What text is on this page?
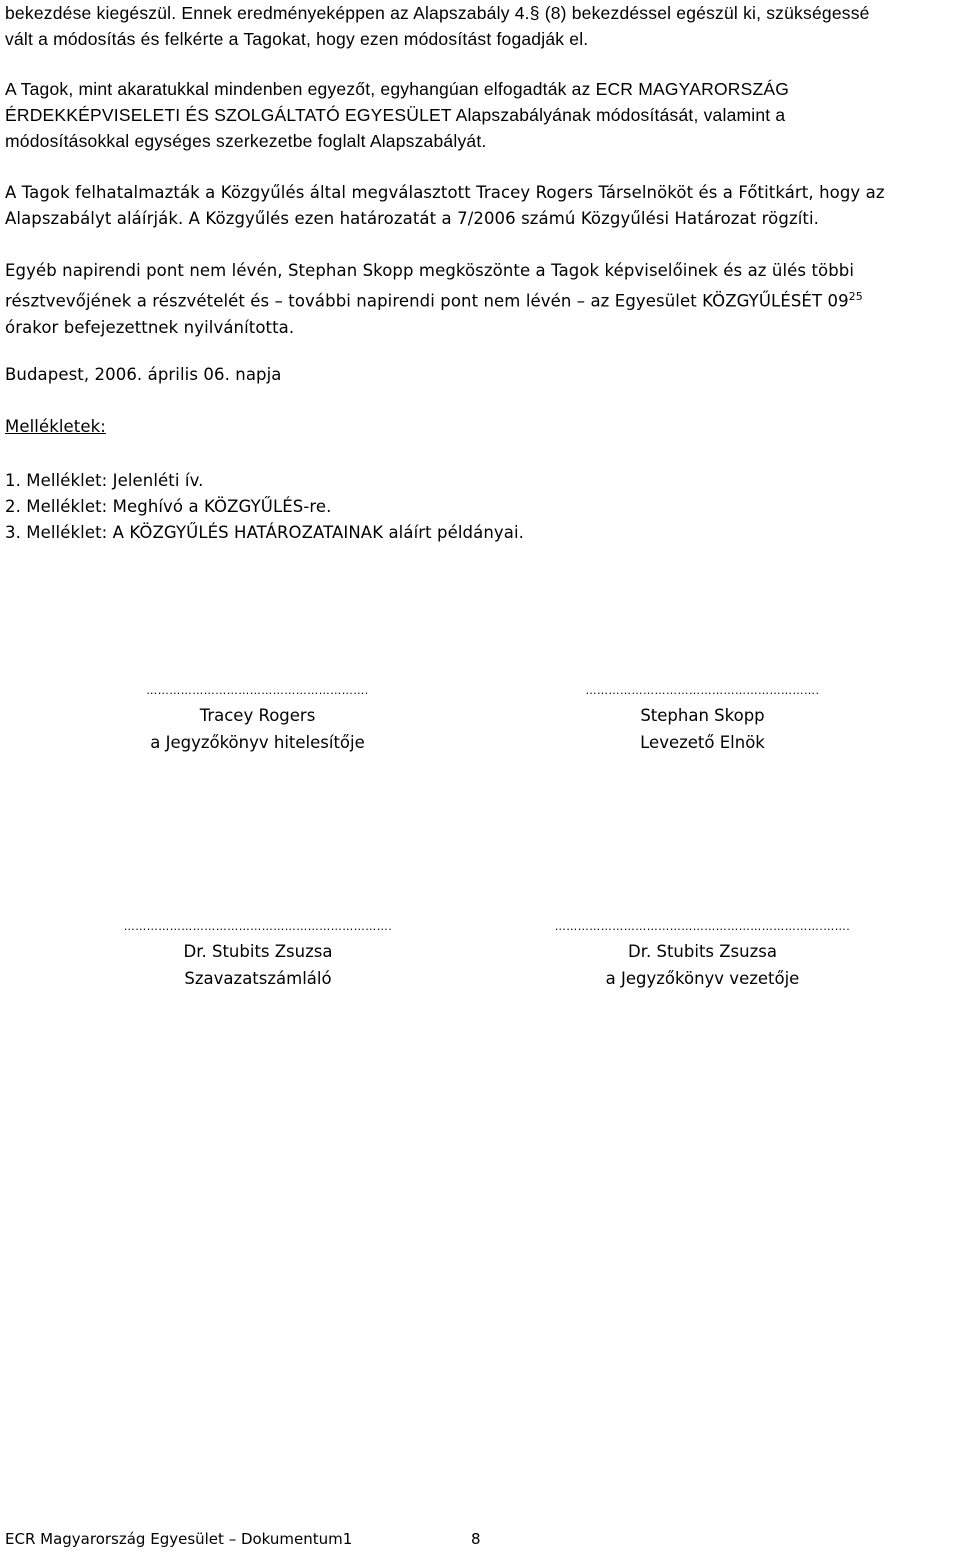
bekezdése kiegészül. Ennek eredményeképpen az Alapszabály 4.§ (8) bekezdéssel egészül ki, szükségessé
vált a módosítás és felkérte a Tagokat, hogy ezen módosítást fogadják el.
A Tagok, mint akaratukkal mindenben egyezőt, egyhangúan elfogadták az ECR MAGYARORSZÁG
ÉRDEKKÉPVISELETI ÉS SZOLGÁLTATÓ EGYESÜLET Alapszabályának módosítását, valamint a
módosításokkal egységes szerkezetbe foglalt Alapszabályát.
A Tagok felhatalmazták a Közgyűlés által megválasztott Tracey Rogers Társelnököt és a Főtitkárt, hogy az
Alapszabályt aláírják. A Közgyűlés ezen határozatát a 7/2006 számú Közgyűlési Határozat rögzíti.
Egyéb napirendi pont nem lévén, Stephan Skopp megköszönte a Tagok képviselőinek és az ülés többi
résztvevőjének a részvételét és – további napirendi pont nem lévén – az Egyesület KÖZGYŰLÉSÉT $09^{25}$
órakor befejezettnek nyilvánította.
Budapest, 2006. április 06. napja
Mellékletek:
1. Melléklet: Jelenléti ív.
2. Melléklet: Meghívó a KÖZGYŰLÉS-re.
3. Melléklet: A KÖZGYŰLÉS HATÁROZATAINAK aláírt példányai.
………………………………………………….
Tracey Rogers
a Jegyzőkönyv hitelesítője
…………………………………………………….
Stephan Skopp
Levezető Elnök
…………………………………………………………….
Dr. Stubits Zsuzsa
Szavazatszámláló
…………………………………………………………….…….
Dr. Stubits Zsuzsa
a Jegyzőkönyv vezetője
ECR Magyarország Egyesület – Dokumentum1	8
